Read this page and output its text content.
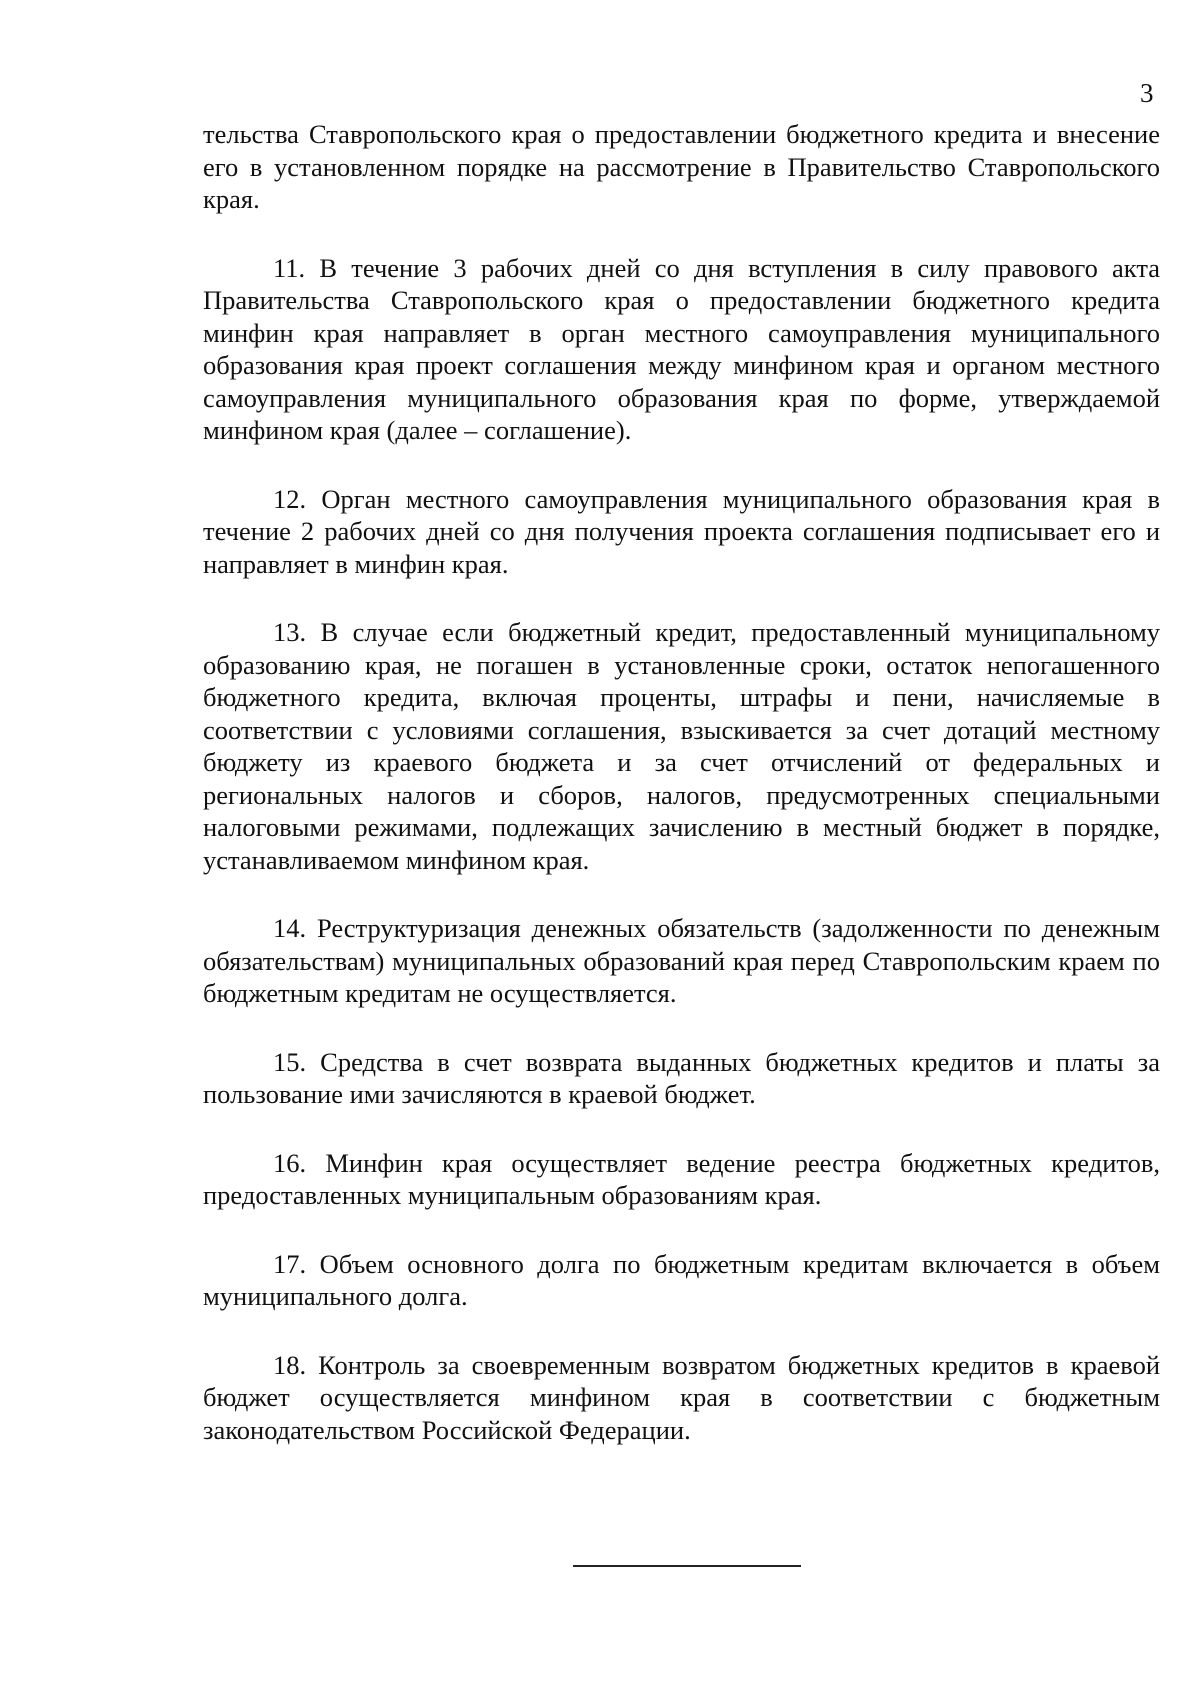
3

тельства Ставропольского края о предоставлении бюджетного кредита и внесение его в установленном порядке на рассмотрение в Правительство Ставропольского края.

11. В течение 3 рабочих дней со дня вступления в силу правового акта Правительства Ставропольского края о предоставлении бюджетного кредита минфин края направляет в орган местного самоуправления муниципального образования края проект соглашения между минфином края и органом местного самоуправления муниципального образования края по форме, утверждаемой минфином края (далее – соглашение).

12. Орган местного самоуправления муниципального образования края в течение 2 рабочих дней со дня получения проекта соглашения подписывает его и направляет в минфин края.

13. В случае если бюджетный кредит, предоставленный муниципальному образованию края, не погашен в установленные сроки, остаток непогашенного бюджетного кредита, включая проценты, штрафы и пени, начисляемые в соответствии с условиями соглашения, взыскивается за счет дотаций местному бюджету из краевого бюджета и за счет отчислений от федеральных и региональных налогов и сборов, налогов, предусмотренных специальными налоговыми режимами, подлежащих зачислению в местный бюджет в порядке, устанавливаемом минфином края.

14. Реструктуризация денежных обязательств (задолженности по денежным обязательствам) муниципальных образований края перед Ставропольским краем по бюджетным кредитам не осуществляется.

15. Средства в счет возврата выданных бюджетных кредитов и платы за пользование ими зачисляются в краевой бюджет.

16. Минфин края осуществляет ведение реестра бюджетных кредитов, предоставленных муниципальным образованиям края.

17. Объем основного долга по бюджетным кредитам включается в объем муниципального долга.

18. Контроль за своевременным возвратом бюджетных кредитов в краевой бюджет осуществляется минфином края в соответствии с бюджетным законодательством Российской Федерации.
